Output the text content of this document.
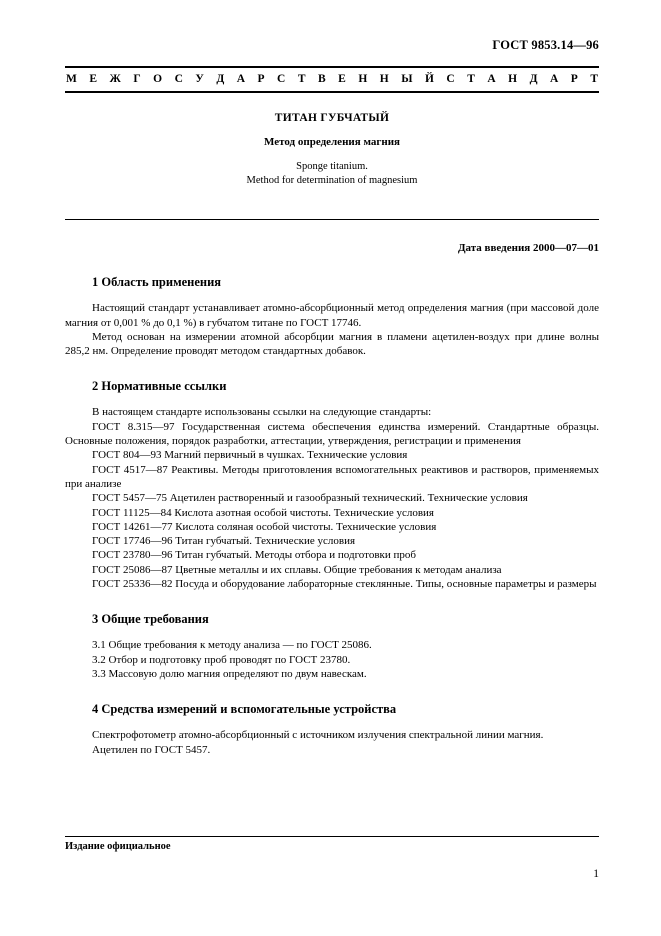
ГОСТ 9853.14—96
М Е Ж Г О С У Д А Р С Т В Е Н Н Ы Й С Т А Н Д А Р Т
ТИТАН ГУБЧАТЫЙ
Метод определения магния
Sponge titanium.
Method for determination of magnesium
Дата введения 2000—07—01
1 Область применения

Настоящий стандарт устанавливает атомно-абсорбционный метод определения магния (при массовой доле магния от 0,001 % до 0,1 %) в губчатом титане по ГОСТ 17746.

Метод основан на измерении атомной абсорбции магния в пламени ацетилен-воздух при длине волны 285,2 нм. Определение проводят методом стандартных добавок.

2 Нормативные ссылки

В настоящем стандарте использованы ссылки на следующие стандарты:

ГОСТ 8.315—97 Государственная система обеспечения единства измерений. Стандартные образцы. Основные положения, порядок разработки, аттестации, утверждения, регистрации и применения

ГОСТ 804—93 Магний первичный в чушках. Технические условия

ГОСТ 4517—87 Реактивы. Методы приготовления вспомогательных реактивов и растворов, применяемых при анализе

ГОСТ 5457—75 Ацетилен растворенный и газообразный технический. Технические условия

ГОСТ 11125—84 Кислота азотная особой чистоты. Технические условия

ГОСТ 14261—77 Кислота соляная особой чистоты. Технические условия

ГОСТ 17746—96 Титан губчатый. Технические условия

ГОСТ 23780—96 Титан губчатый. Методы отбора и подготовки проб

ГОСТ 25086—87 Цветные металлы и их сплавы. Общие требования к методам анализа

ГОСТ 25336—82 Посуда и оборудование лабораторные стеклянные. Типы, основные параметры и размеры

3 Общие требования

3.1 Общие требования к методу анализа — по ГОСТ 25086.

3.2 Отбор и подготовку проб проводят по ГОСТ 23780.

3.3 Массовую долю магния определяют по двум навескам.

4 Средства измерений и вспомогательные устройства

Спектрофотометр атомно-абсорбционный с источником излучения спектральной линии магния.

Ацетилен по ГОСТ 5457.

Издание официальное
1
